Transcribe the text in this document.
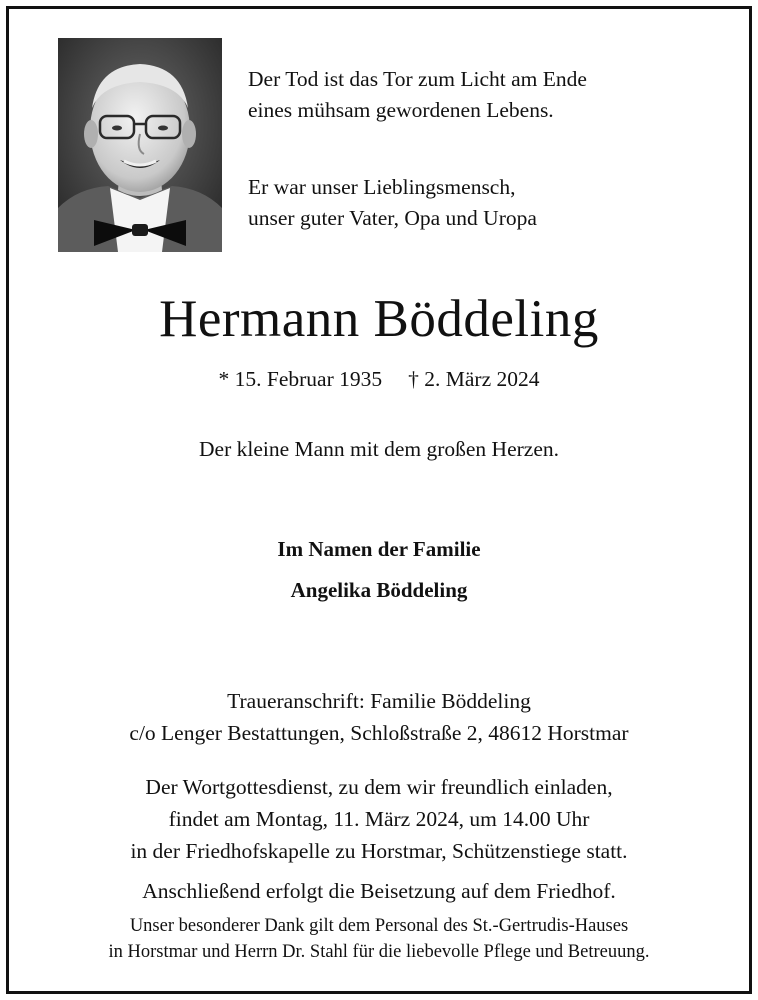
Der Tod ist das Tor zum Licht am Ende
eines mühsam gewordenen Lebens.
Er war unser Lieblingsmensch,
unser guter Vater, Opa und Uropa
Hermann Böddeling
* 15. Februar 1935 † 2. März 2024
Der kleine Mann mit dem großen Herzen.
Im Namen der Familie
Angelika Böddeling
Traueranschrift: Familie Böddeling
c/o Lenger Bestattungen, Schloßstraße 2, 48612 Horstmar
Der Wortgottesdienst, zu dem wir freundlich einladen,
findet am Montag, 11. März 2024, um 14.00 Uhr
in der Friedhofskapelle zu Horstmar, Schützenstiege statt.
Anschließend erfolgt die Beisetzung auf dem Friedhof.
Unser besonderer Dank gilt dem Personal des St.-Gertrudis-Hauses
in Horstmar und Herrn Dr. Stahl für die liebevolle Pflege und Betreuung.
